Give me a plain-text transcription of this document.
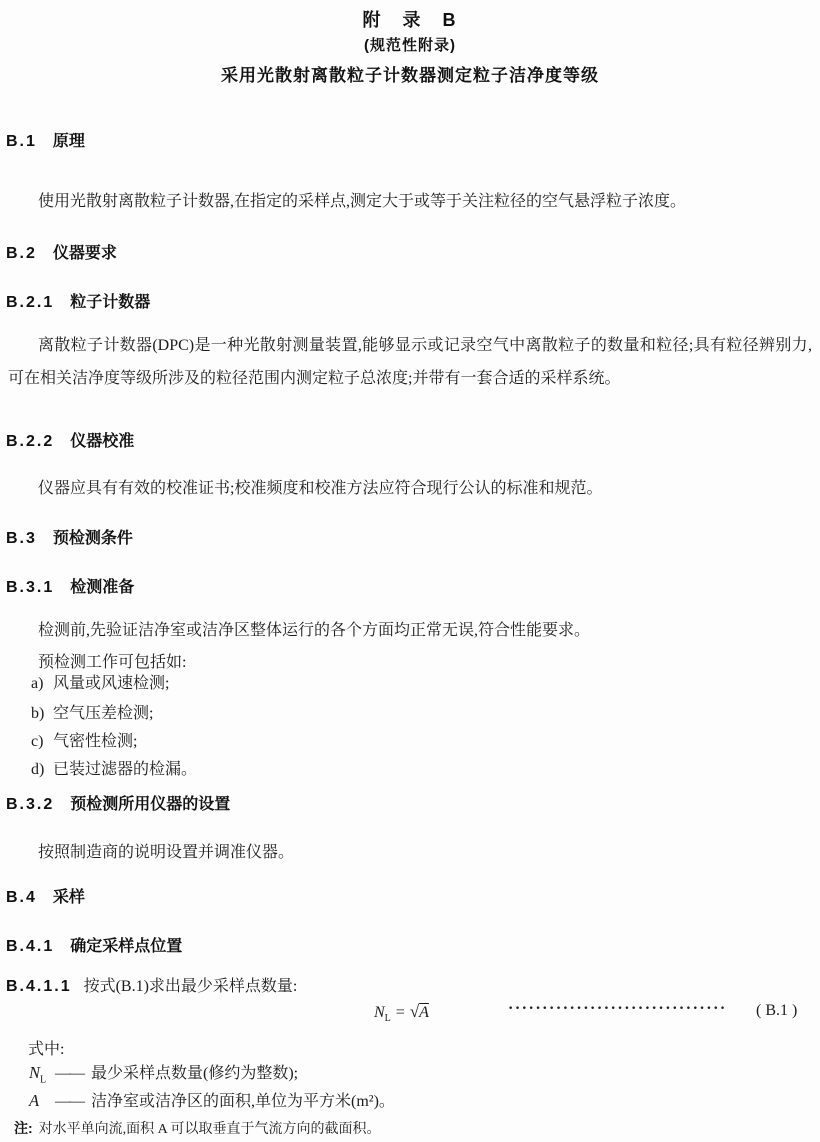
附　录　B
(规范性附录)
采用光散射离散粒子计数器测定粒子洁净度等级
B.1 原理

使用光散射离散粒子计数器,在指定的采样点,测定大于或等于关注粒径的空气悬浮粒子浓度。

B.2 仪器要求
B.2.1 粒子计数器

离散粒子计数器(DPC)是一种光散射测量装置,能够显示或记录空气中离散粒子的数量和粒径;具有粒径辨别力,可在相关洁净度等级所涉及的粒径范围内测定粒子总浓度;并带有一套合适的采样系统。

B.2.2 仪器校准

仪器应具有有效的校准证书;校准频度和校准方法应符合现行公认的标准和规范。

B.3 预检测条件
B.3.1 检测准备

检测前,先验证洁净室或洁净区整体运行的各个方面均正常无误,符合性能要求。

预检测工作可包括如:

a) 风量或风速检测;
b) 空气压差检测;
c) 气密性检测;
d) 已装过滤器的检漏。
B.3.2 预检测所用仪器的设置

按照制造商的说明设置并调准仪器。

B.4 采样
B.4.1 确定采样点位置
B.4.1.1 按式(B.1)求出最少采样点数量:
$N_L = √A$	································	( B.1 )
式中:
$N_L$ —— 最少采样点数量(修约为整数);
A —— 洁净室或洁净区的面积,单位为平方米(m²)。
注: 对水平单向流,面积 A 可以取垂直于气流方向的截面积。
